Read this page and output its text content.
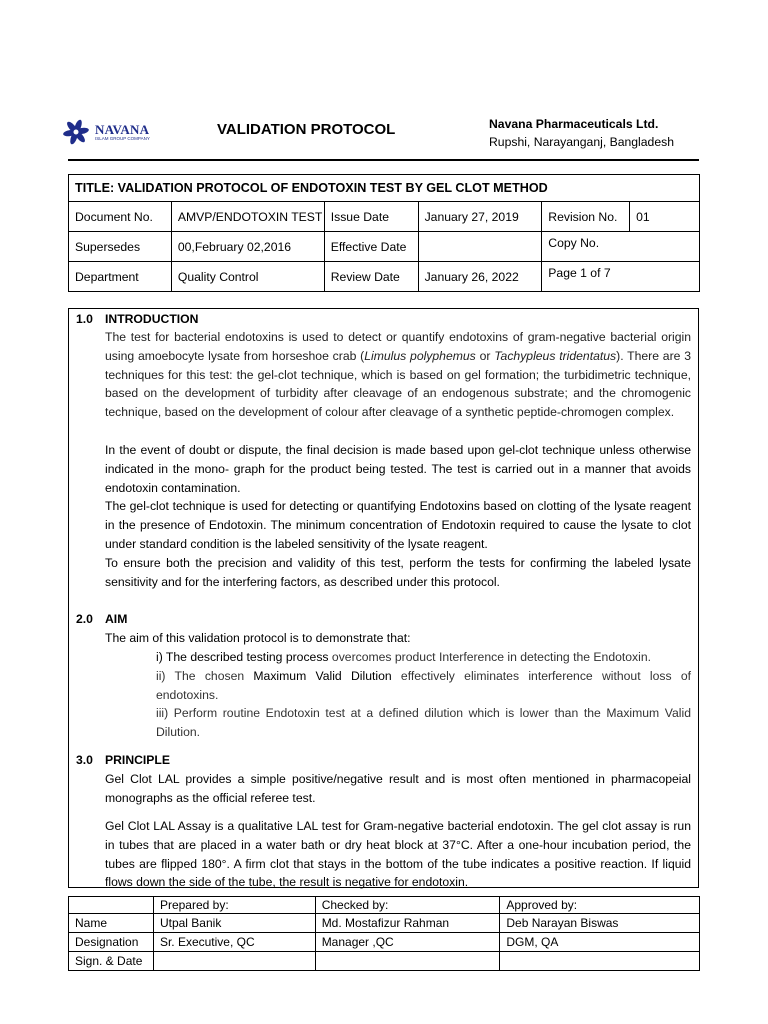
NAVANA
ISLAM GROUP COMPANY
VALIDATION PROTOCOL	Navana Pharmaceuticals Ltd.
Rupshi, Narayanganj, Bangladesh
TITLE: VALIDATION PROTOCOL OF ENDOTOXIN TEST BY GEL CLOT METHOD					
Document No.	AMVP/ENDOTOXIN TEST	Issue Date	January 27, 2019	Revision No.	01
Supersedes	00,February 02,2016	Effective Date		Copy No.	
Department	Quality Control	Review Date	January 26, 2022	Page 1 of 7	
1.0 INTRODUCTION
The test for bacterial endotoxins is used to detect or quantify endotoxins of gram-negative bacterial origin using amoebocyte lysate from horseshoe crab (Limulus polyphemus or Tachypleus tridentatus). There are 3 techniques for this test: the gel-clot technique, which is based on gel formation; the turbidimetric technique, based on the development of turbidity after cleavage of an endogenous substrate; and the chromogenic technique, based on the development of colour after cleavage of a synthetic peptide-chromogen complex.
In the event of doubt or dispute, the final decision is made based upon gel-clot technique unless otherwise indicated in the mono- graph for the product being tested. The test is carried out in a manner that avoids endotoxin contamination.
The gel-clot technique is used for detecting or quantifying Endotoxins based on clotting of the lysate reagent in the presence of Endotoxin. The minimum concentration of Endotoxin required to cause the lysate to clot under standard condition is the labeled sensitivity of the lysate reagent.
To ensure both the precision and validity of this test, perform the tests for confirming the labeled lysate sensitivity and for the interfering factors, as described under this protocol.
2.0 AIM
The aim of this validation protocol is to demonstrate that:
i) The described testing process overcomes product Interference in detecting the Endotoxin.
ii) The chosen Maximum Valid Dilution effectively eliminates interference without loss of endotoxins.
iii) Perform routine Endotoxin test at a defined dilution which is lower than the Maximum Valid Dilution.
3.0 PRINCIPLE
Gel Clot LAL provides a simple positive/negative result and is most often mentioned in pharmacopeial monographs as the official referee test.
Gel Clot LAL Assay is a qualitative LAL test for Gram-negative bacterial endotoxin. The gel clot assay is run in tubes that are placed in a water bath or dry heat block at 37°C. After a one-hour incubation period, the tubes are flipped 180°. A firm clot that stays in the bottom of the tube indicates a positive reaction. If liquid flows down the side of the tube, the result is negative for endotoxin.
	Prepared by:	Checked by:	Approved by:
Name	Utpal Banik	Md. Mostafizur Rahman	Deb Narayan Biswas
Designation	Sr. Executive, QC	Manager ,QC	DGM, QA
Sign. & Date			
